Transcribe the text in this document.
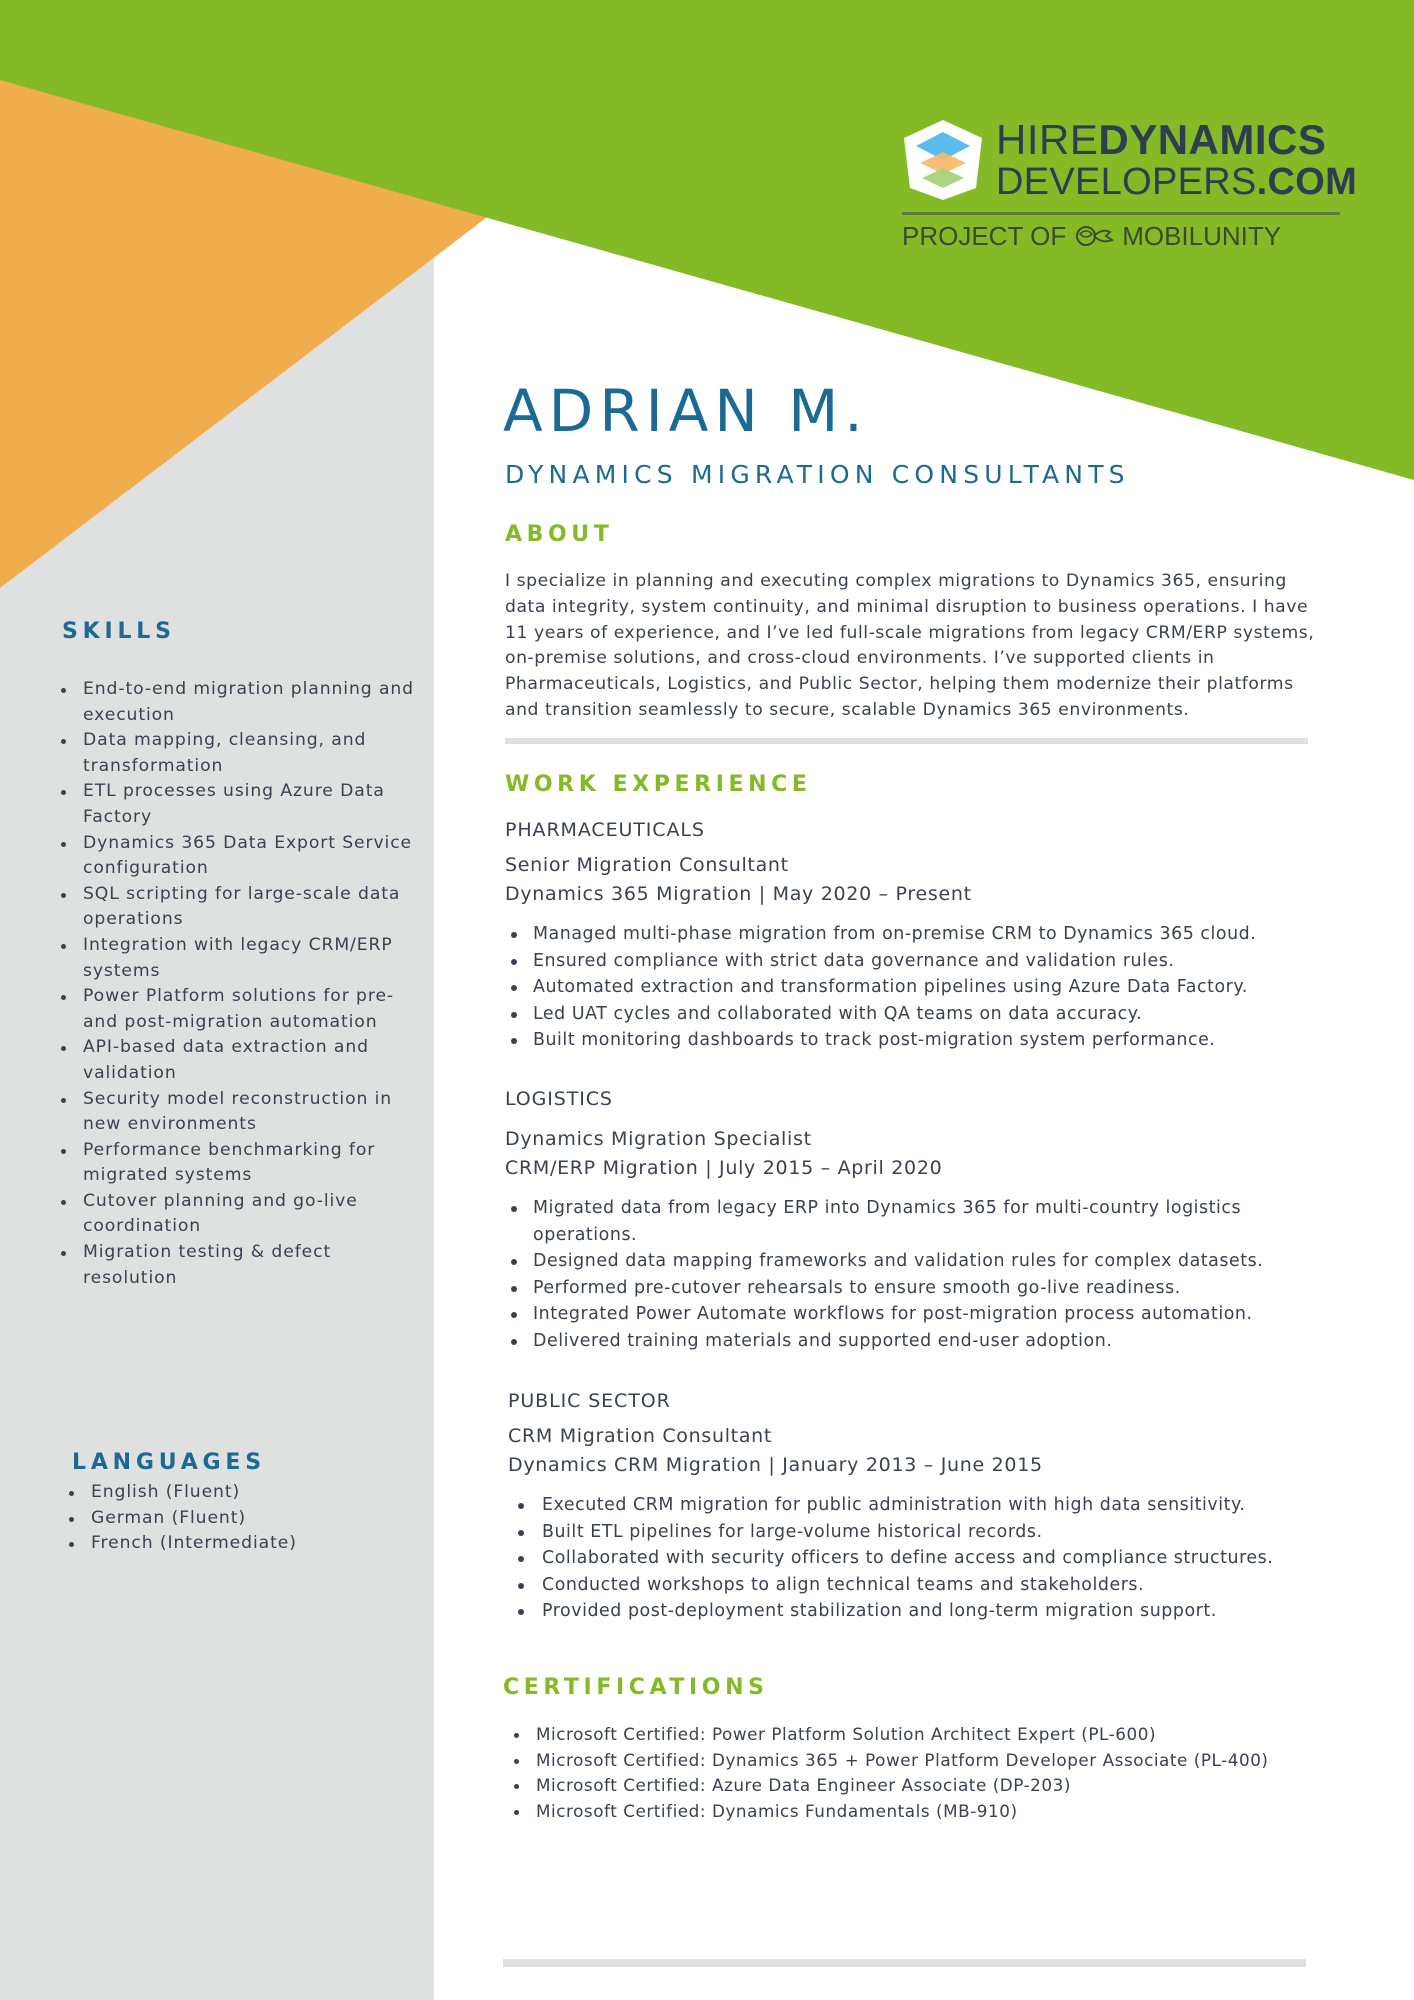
HIREDYNAMICS
DEVELOPERS.COM
PROJECT OF MOBILUNITY
ADRIAN M.
DYNAMICS MIGRATION CONSULTANTS
ABOUT

I specialize in planning and executing complex migrations to Dynamics 365, ensuring data integrity, system continuity, and minimal disruption to business operations. I have 11 years of experience, and I’ve led full-scale migrations from legacy CRM/ERP systems, on-premise solutions, and cross-cloud environments. I’ve supported clients in Pharmaceuticals, Logistics, and Public Sector, helping them modernize their platforms and transition seamlessly to secure, scalable Dynamics 365 environments.

WORK EXPERIENCE
PHARMACEUTICALS
Senior Migration Consultant
Dynamics 365 Migration | May 2020 – Present
Managed multi-phase migration from on-premise CRM to Dynamics 365 cloud.
Ensured compliance with strict data governance and validation rules.
Automated extraction and transformation pipelines using Azure Data Factory.
Led UAT cycles and collaborated with QA teams on data accuracy.
Built monitoring dashboards to track post-migration system performance.
LOGISTICS
Dynamics Migration Specialist
CRM/ERP Migration | July 2015 – April 2020
Migrated data from legacy ERP into Dynamics 365 for multi-country logistics operations.
Designed data mapping frameworks and validation rules for complex datasets.
Performed pre-cutover rehearsals to ensure smooth go-live readiness.
Integrated Power Automate workflows for post-migration process automation.
Delivered training materials and supported end-user adoption.
PUBLIC SECTOR
CRM Migration Consultant
Dynamics CRM Migration | January 2013 – June 2015
Executed CRM migration for public administration with high data sensitivity.
Built ETL pipelines for large-volume historical records.
Collaborated with security officers to define access and compliance structures.
Conducted workshops to align technical teams and stakeholders.
Provided post-deployment stabilization and long-term migration support.
CERTIFICATIONS
Microsoft Certified: Power Platform Solution Architect Expert (PL-600)
Microsoft Certified: Dynamics 365 + Power Platform Developer Associate (PL-400)
Microsoft Certified: Azure Data Engineer Associate (DP-203)
Microsoft Certified: Dynamics Fundamentals (MB-910)
SKILLS
End-to-end migration planning and execution
Data mapping, cleansing, and transformation
ETL processes using Azure Data Factory
Dynamics 365 Data Export Service configuration
SQL scripting for large-scale data operations
Integration with legacy CRM/ERP systems
Power Platform solutions for pre- and post-migration automation
API-based data extraction and validation
Security model reconstruction in new environments
Performance benchmarking for migrated systems
Cutover planning and go-live coordination
Migration testing & defect resolution
LANGUAGES
English (Fluent)
German (Fluent)
French (Intermediate)
